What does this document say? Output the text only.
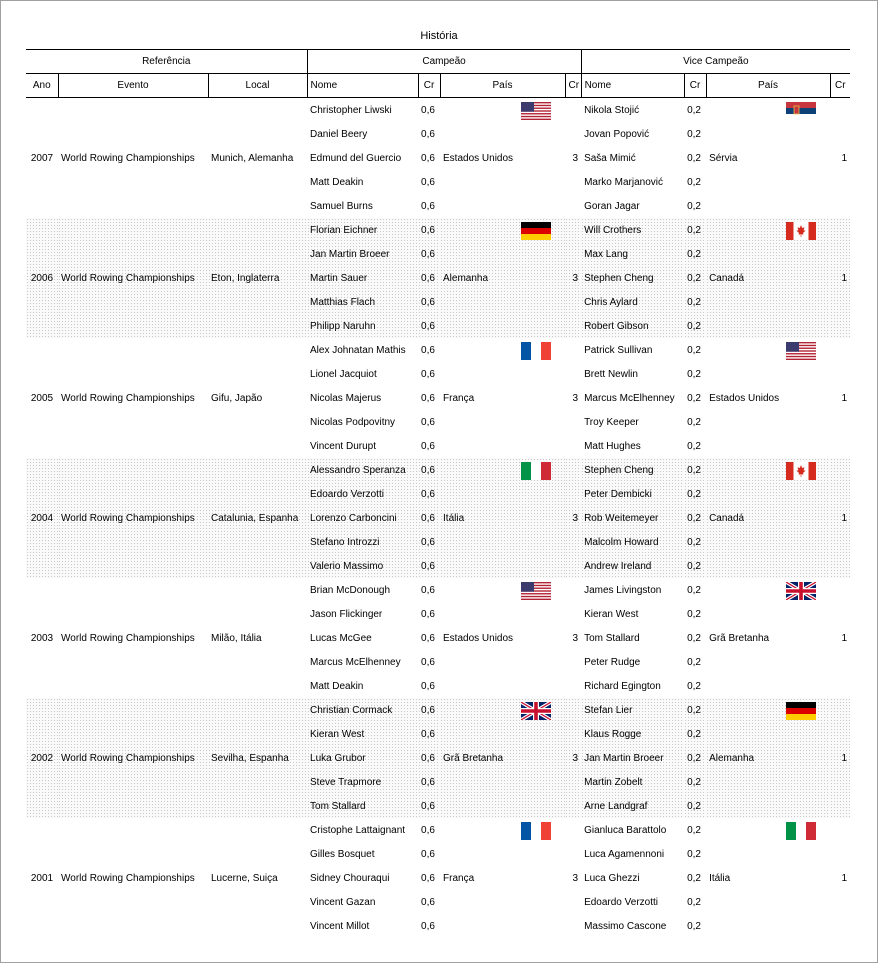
História
Referência			Campeão				Vice Campeão			
Ano	Evento	Local	Nome	Cr	País	Cr	Nome	Cr	País	Cr
			Christopher Liwski	0,6			Nikola Stojić	0,2	

			Daniel Beery	0,6			Jovan Popović	0,2		
2007	World Rowing Championships	Munich, Alemanha	Edmund del Guercio	0,6	Estados Unidos	3	Saša Mimić	0,2	Sérvia	1
			Matt Deakin	0,6			Marko Marjanović	0,2		
			Samuel Burns	0,6			Goran Jagar	0,2		
			Florian Eichner	0,6			Will Crothers	0,2	

			Jan Martin Broeer	0,6			Max Lang	0,2		
2006	World Rowing Championships	Eton, Inglaterra	Martin Sauer	0,6	Alemanha	3	Stephen Cheng	0,2	Canadá	1
			Matthias Flach	0,6			Chris Aylard	0,2		
			Philipp Naruhn	0,6			Robert Gibson	0,2		
			Alex Johnatan Mathis	0,6			Patrick Sullivan	0,2	

			Lionel Jacquiot	0,6			Brett Newlin	0,2		
2005	World Rowing Championships	Gifu, Japão	Nicolas Majerus	0,6	França	3	Marcus McElhenney	0,2	Estados Unidos	1
			Nicolas Podpovitny	0,6			Troy Keeper	0,2		
			Vincent Durupt	0,6			Matt Hughes	0,2		
			Alessandro Speranza	0,6			Stephen Cheng	0,2	

			Edoardo Verzotti	0,6			Peter Dembicki	0,2		
2004	World Rowing Championships	Catalunia, Espanha	Lorenzo Carboncini	0,6	Itália	3	Rob Weitemeyer	0,2	Canadá	1
			Stefano Introzzi	0,6			Malcolm Howard	0,2		
			Valerio Massimo	0,6			Andrew Ireland	0,2		
			Brian McDonough	0,6			James Livingston	0,2	

			Jason Flickinger	0,6			Kieran West	0,2		
2003	World Rowing Championships	Milão, Itália	Lucas McGee	0,6	Estados Unidos	3	Tom Stallard	0,2	Grã Bretanha	1
			Marcus McElhenney	0,6			Peter Rudge	0,2		
			Matt Deakin	0,6			Richard Egington	0,2		
			Christian Cormack	0,6			Stefan Lier	0,2	

			Kieran West	0,6			Klaus Rogge	0,2		
2002	World Rowing Championships	Sevilha, Espanha	Luka Grubor	0,6	Grã Bretanha	3	Jan Martin Broeer	0,2	Alemanha	1
			Steve Trapmore	0,6			Martin Zobelt	0,2		
			Tom Stallard	0,6			Arne Landgraf	0,2		
			Cristophe Lattaignant	0,6			Gianluca Barattolo	0,2	

			Gilles Bosquet	0,6			Luca Agamennoni	0,2		
2001	World Rowing Championships	Lucerne, Suiça	Sidney Chouraqui	0,6	França	3	Luca Ghezzi	0,2	Itália	1
			Vincent Gazan	0,6			Edoardo Verzotti	0,2		
			Vincent Millot	0,6			Massimo Cascone	0,2		
